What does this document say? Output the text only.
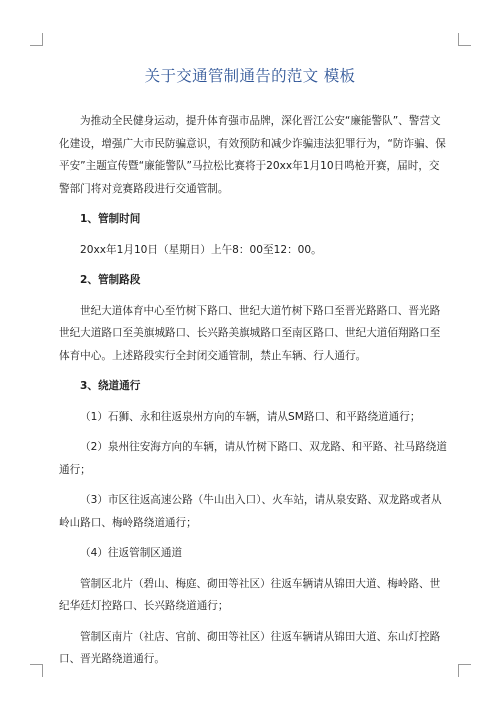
关于交通管制通告的范文 模板

为推动全民健身运动，提升体育强市品牌，深化晋江公安“廉能警队”、警营文化建设，增强广大市民防骗意识，有效预防和减少诈骗违法犯罪行为，“防诈骗、保平安”主题宣传暨“廉能警队”马拉松比赛将于20xx年1月10日鸣枪开赛，届时，交警部门将对竞赛路段进行交通管制。

1、管制时间

20xx年1月10日（星期日）上午8：00至12：00。

2、管制路段

世纪大道体育中心至竹树下路口、世纪大道竹树下路口至晋光路路口、晋光路世纪大道路口至美旗城路口、长兴路美旗城路口至南区路口、世纪大道佰翔路口至体育中心。上述路段实行全封闭交通管制，禁止车辆、行人通行。

3、绕道通行

（1）石狮、永和往返泉州方向的车辆，请从SM路口、和平路绕道通行；

（2）泉州往安海方向的车辆，请从竹树下路口、双龙路、和平路、社马路绕道通行；

（3）市区往返高速公路（牛山出入口）、火车站，请从泉安路、双龙路或者从岭山路口、梅岭路绕道通行；

（4）往返管制区通道

管制区北片（碧山、梅庭、砌田等社区）往返车辆请从锦田大道、梅岭路、世纪华廷灯控路口、长兴路绕道通行；

管制区南片（社店、官前、砌田等社区）往返车辆请从锦田大道、东山灯控路口、晋光路绕道通行。
